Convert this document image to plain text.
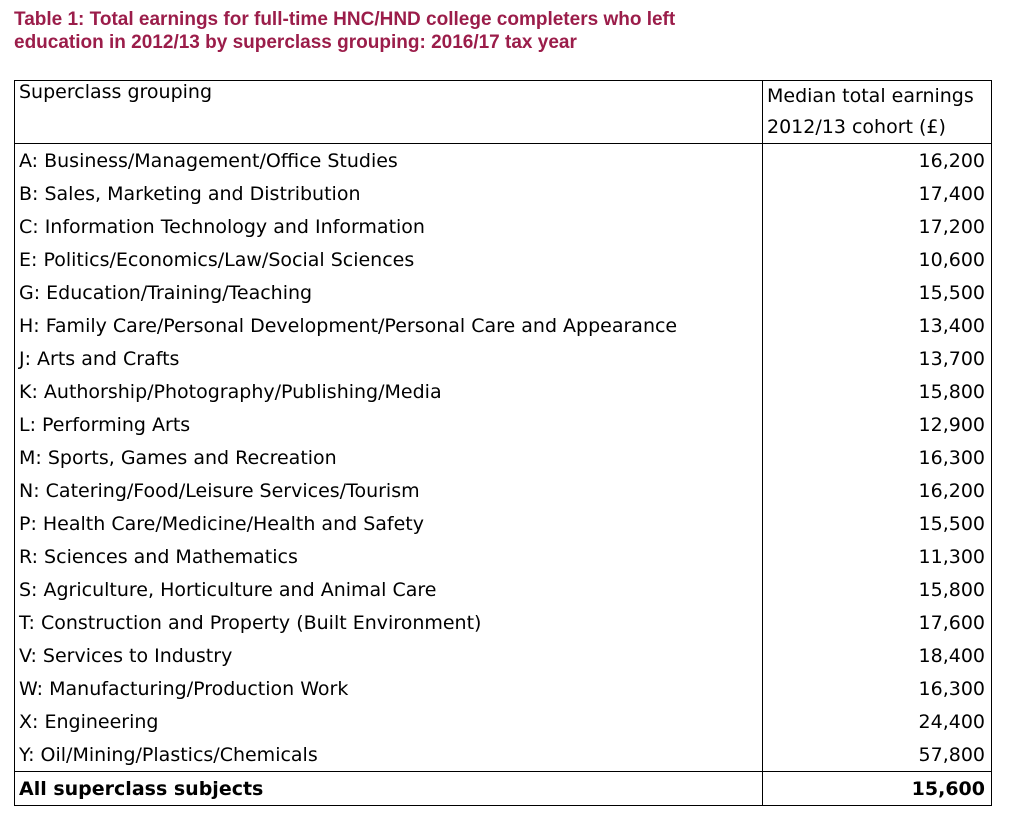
Table 1: Total earnings for full-time HNC/HND college completers who left
education in 2012/13 by superclass grouping: 2016/17 tax year
Superclass grouping	Median total earnings
2012/13 cohort (£)

A: Business/Management/Office Studies	16,200
B: Sales, Marketing and Distribution	17,400
C: Information Technology and Information	17,200
E: Politics/Economics/Law/Social Sciences	10,600
G: Education/Training/Teaching	15,500
H: Family Care/Personal Development/Personal Care and Appearance	13,400
J: Arts and Crafts	13,700
K: Authorship/Photography/Publishing/Media	15,800
L: Performing Arts	12,900
M: Sports, Games and Recreation	16,300
N: Catering/Food/Leisure Services/Tourism	16,200
P: Health Care/Medicine/Health and Safety	15,500
R: Sciences and Mathematics	11,300
S: Agriculture, Horticulture and Animal Care	15,800
T: Construction and Property (Built Environment)	17,600
V: Services to Industry	18,400
W: Manufacturing/Production Work	16,300
X: Engineering	24,400
Y: Oil/Mining/Plastics/Chemicals	57,800
All superclass subjects	15,600
